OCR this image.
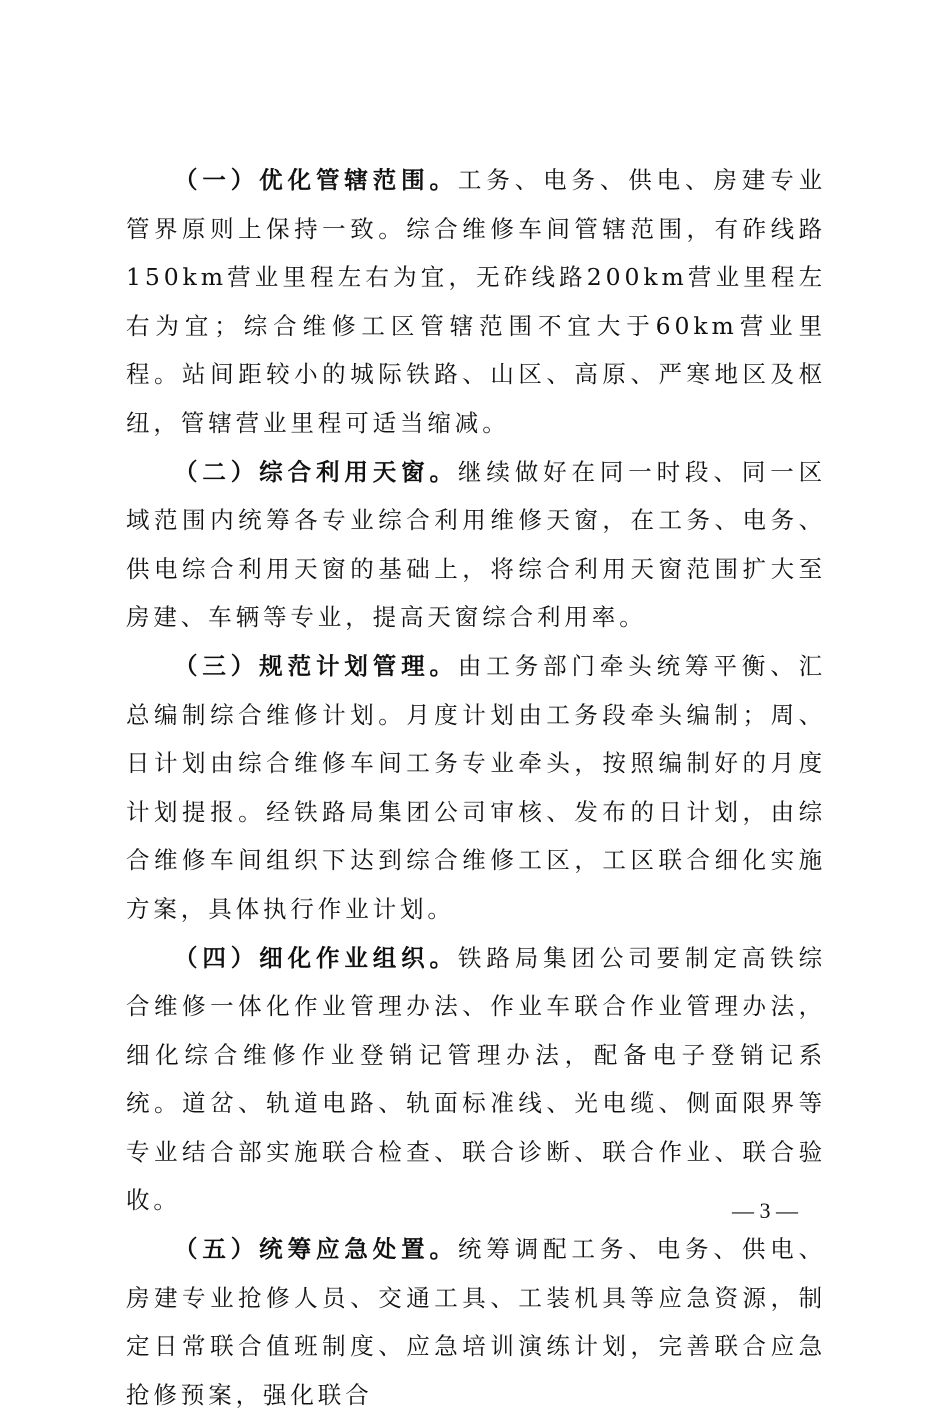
（一）优化管辖范围。工务、电务、供电、房建专业管界原则上保持一致。综合维修车间管辖范围，有砟线路150km营业里程左右为宜，无砟线路200km营业里程左右为宜；综合维修工区管辖范围不宜大于60km营业里程。站间距较小的城际铁路、山区、高原、严寒地区及枢纽，管辖营业里程可适当缩减。

（二）综合利用天窗。继续做好在同一时段、同一区域范围内统筹各专业综合利用维修天窗，在工务、电务、供电综合利用天窗的基础上，将综合利用天窗范围扩大至房建、车辆等专业，提高天窗综合利用率。

（三）规范计划管理。由工务部门牵头统筹平衡、汇总编制综合维修计划。月度计划由工务段牵头编制；周、日计划由综合维修车间工务专业牵头，按照编制好的月度计划提报。经铁路局集团公司审核、发布的日计划，由综合维修车间组织下达到综合维修工区，工区联合细化实施方案，具体执行作业计划。

（四）细化作业组织。铁路局集团公司要制定高铁综合维修一体化作业管理办法、作业车联合作业管理办法，细化综合维修作业登销记管理办法，配备电子登销记系统。道岔、轨道电路、轨面标准线、光电缆、侧面限界等专业结合部实施联合检查、联合诊断、联合作业、联合验收。

（五）统筹应急处置。统筹调配工务、电务、供电、房建专业抢修人员、交通工具、工装机具等应急资源，制定日常联合值班制度、应急培训演练计划，完善联合应急抢修预案，强化联合

— 3 —
